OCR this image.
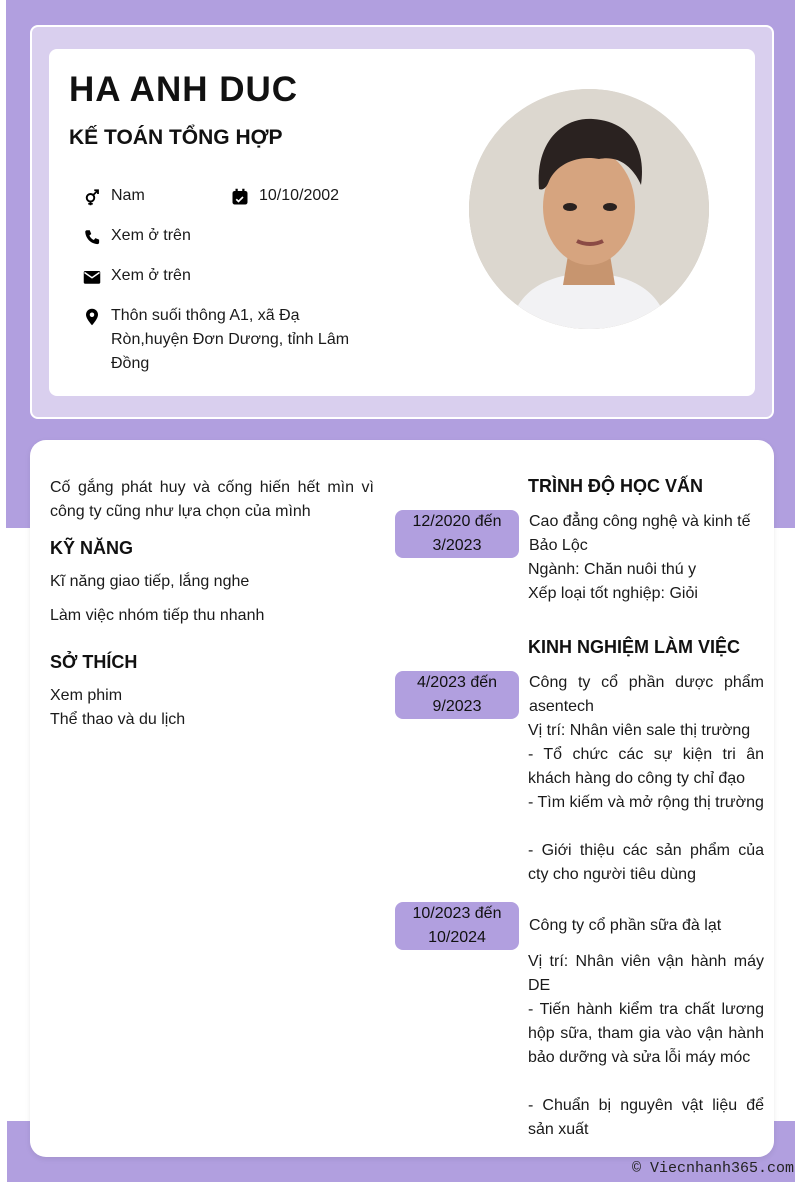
HA ANH DUC
KẾ TOÁN TỔNG HỢP
Nam	10/10/2002
Xem ở trên
Xem ở trên
Thôn suối thông A1, xã Đạ Ròn,huyện Đơn Dương, tỉnh Lâm Đồng

Cố gắng phát huy và cống hiến hết mìn vì công ty cũng như lựa chọn của mình

KỸ NĂNG

Kĩ năng giao tiếp, lắng nghe

Làm việc nhóm tiếp thu nhanh

SỞ THÍCH

Xem phim

Thể thao và du lịch

TRÌNH ĐỘ HỌC VẤN
12/2020 đến
3/2023

Cao đẳng công nghệ và kinh tế Bảo Lộc

Ngành: Chăn nuôi thú y

Xếp loại tốt nghiệp: Giỏi

KINH NGHIỆM LÀM VIỆC
4/2023 đến
9/2023

Công ty cổ phần dược phẩm asentech

Vị trí: Nhân viên sale thị trường

- Tổ chức các sự kiện tri ân khách hàng do công ty chỉ đạo

- Tìm kiếm và mở rộng thị trường

- Giới thiệu các sản phẩm của cty cho người tiêu dùng

10/2023 đến
10/2024

Công ty cổ phần sữa đà lạt

Vị trí: Nhân viên vận hành máy DE

- Tiến hành kiểm tra chất lương hộp sữa, tham gia vào vận hành bảo dưỡng và sửa lỗi máy móc

- Chuẩn bị nguyên vật liệu để sản xuất

© Viecnhanh365.com
